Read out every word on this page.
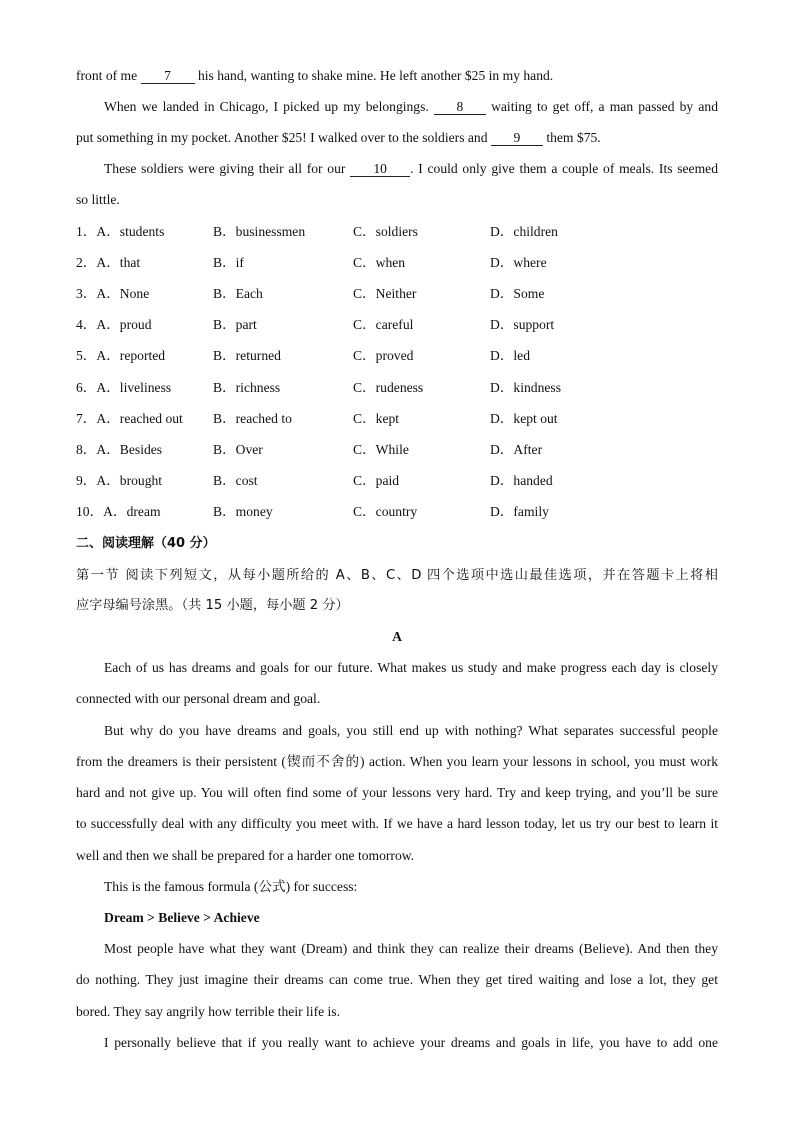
front of me 7 his hand, wanting to shake mine. He left another $25 in my hand.
When we landed in Chicago, I picked up my belongings. 8 waiting to get off, a man passed by and
put something in my pocket. Another $25! I walked over to the soldiers and 9 them $75.
These soldiers were giving their all for our 10 . I could only give them a couple of meals. Its seemed
so little.
1．A．students	B．businessmen	C．soldiers	D．children
2．A．that	B．if	C．when	D．where
3．A．None	B．Each	C．Neither	D．Some
4．A．proud	B．part	C．careful	D．support
5．A．reported	B．returned	C．proved	D．led
6．A．liveliness	B．richness	C．rudeness	D．kindness
7．A．reached out B．reached to	C．kept	D．kept out
8．A．Besides	B．Over	C．While	D．After
9．A．brought	B．cost	C．paid	D．handed
10．A．dream	B．money	C．country	D．family
二、阅读理解（40 分）
第一节 阅读下列短文，从每小题所给的 A、B、C、D 四个选项中选山最佳选项，并在答题卡上将相
应字母编号涂黑。（共 15 小题，每小题 2 分）
A
Each of us has dreams and goals for our future. What makes us study and make progress each day is closely
connected with our personal dream and goal.
But why do you have dreams and goals, you still end up with nothing? What separates successful people
from the dreamers is their persistent (锲而不舍的) action. When you learn your lessons in school, you must work
hard and not give up. You will often find some of your lessons very hard. Try and keep trying, and you’ll be sure
to successfully deal with any difficulty you meet with. If we have a hard lesson today, let us try our best to learn it
well and then we shall be prepared for a harder one tomorrow.
This is the famous formula (公式) for success:
Dream > Believe > Achieve
Most people have what they want (Dream) and think they can realize their dreams (Believe). And then they
do nothing. They just imagine their dreams can come true. When they get tired waiting and lose a lot, they get
bored. They say angrily how terrible their life is.
I personally believe that if you really want to achieve your dreams and goals in life, you have to add one
